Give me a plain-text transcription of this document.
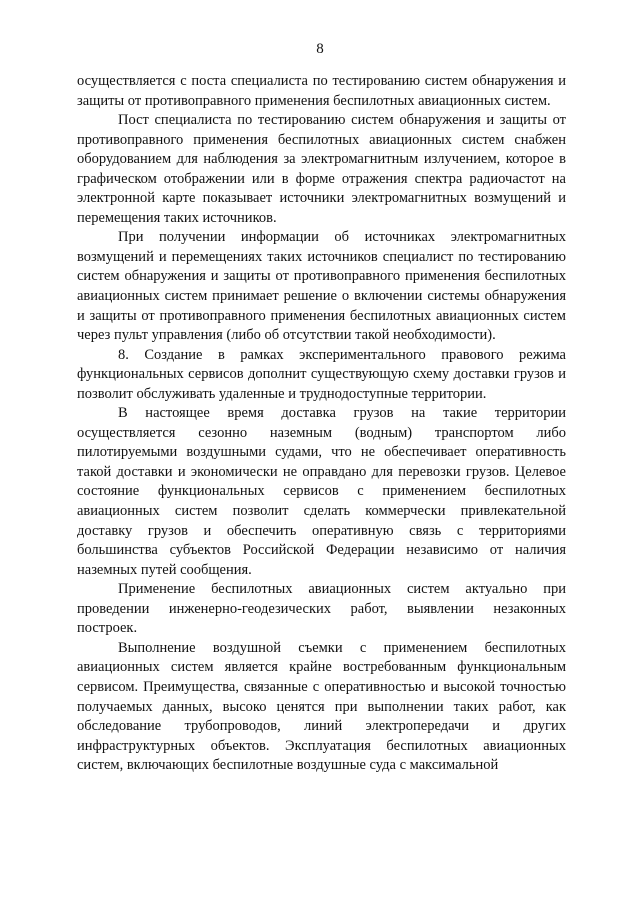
8

осуществляется с поста специалиста по тестированию систем обнаружения и защиты от противоправного применения беспилотных авиационных систем.

Пост специалиста по тестированию систем обнаружения и защиты от противоправного применения беспилотных авиационных систем снабжен оборудованием для наблюдения за электромагнитным излучением, которое в графическом отображении или в форме отражения спектра радиочастот на электронной карте показывает источники электромагнитных возмущений и перемещения таких источников.

При получении информации об источниках электромагнитных возмущений и перемещениях таких источников специалист по тестированию систем обнаружения и защиты от противоправного применения беспилотных авиационных систем принимает решение о включении системы обнаружения и защиты от противоправного применения беспилотных авиационных систем через пульт управления (либо об отсутствии такой необходимости).

8. Создание в рамках экспериментального правового режима функциональных сервисов дополнит существующую схему доставки грузов и позволит обслуживать удаленные и труднодоступные территории.

В настоящее время доставка грузов на такие территории осуществляется сезонно наземным (водным) транспортом либо пилотируемыми воздушными судами, что не обеспечивает оперативность такой доставки и экономически не оправдано для перевозки грузов. Целевое состояние функциональных сервисов с применением беспилотных авиационных систем позволит сделать коммерчески привлекательной доставку грузов и обеспечить оперативную связь с территориями большинства субъектов Российской Федерации независимо от наличия наземных путей сообщения.

Применение беспилотных авиационных систем актуально при проведении инженерно-геодезических работ, выявлении незаконных построек.

Выполнение воздушной съемки с применением беспилотных авиационных систем является крайне востребованным функциональным сервисом. Преимущества, связанные с оперативностью и высокой точностью получаемых данных, высоко ценятся при выполнении таких работ, как обследование трубопроводов, линий электропередачи и других инфраструктурных объектов. Эксплуатация беспилотных авиационных систем, включающих беспилотные воздушные суда с максимальной
